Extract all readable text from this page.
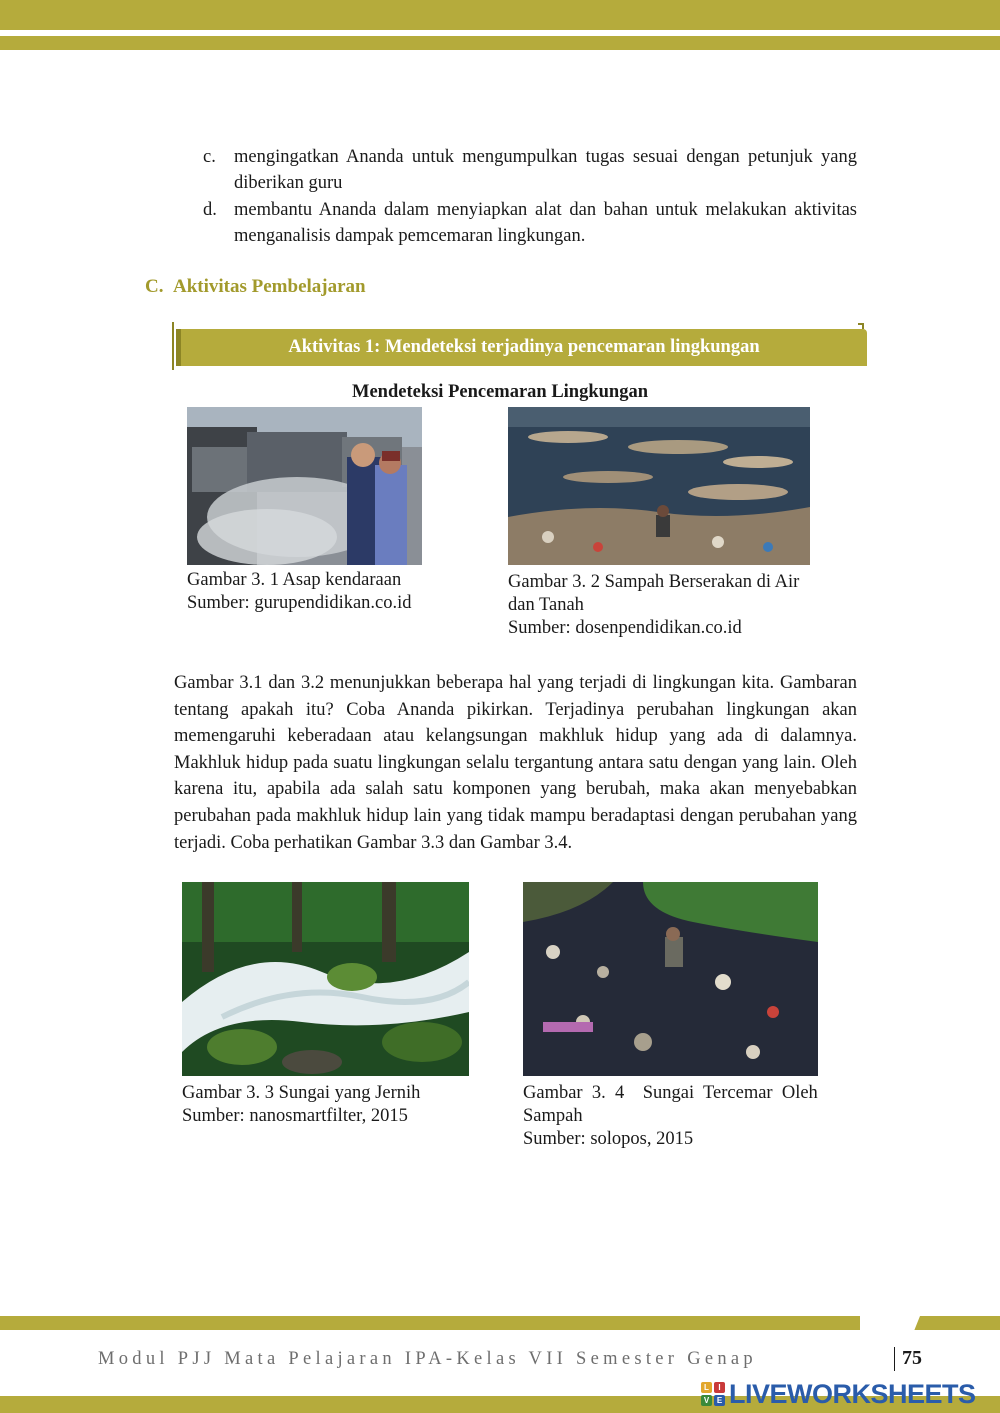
c. mengingatkan Ananda untuk mengumpulkan tugas sesuai dengan petunjuk yang diberikan guru
d. membantu Ananda dalam menyiapkan alat dan bahan untuk melakukan aktivitas menganalisis dampak pemcemaran lingkungan.
C. Aktivitas Pembelajaran
Aktivitas 1: Mendeteksi terjadinya pencemaran lingkungan
Mendeteksi Pencemaran Lingkungan
Gambar 3. 1 Asap kendaraan
Sumber: gurupendidikan.co.id
Gambar 3. 2 Sampah Berserakan di Air
dan Tanah
Sumber: dosenpendidikan.co.id
Gambar 3.1 dan 3.2 menunjukkan beberapa hal yang terjadi di lingkungan kita. Gambaran tentang apakah itu? Coba Ananda pikirkan. Terjadinya perubahan lingkungan akan memengaruhi keberadaan atau kelangsungan makhluk hidup yang ada di dalamnya. Makhluk hidup pada suatu lingkungan selalu tergantung antara satu dengan yang lain. Oleh karena itu, apabila ada salah satu komponen yang berubah, maka akan menyebabkan perubahan pada makhluk hidup lain yang tidak mampu beradaptasi dengan perubahan yang terjadi. Coba perhatikan Gambar 3.3 dan Gambar 3.4.
Gambar 3. 3 Sungai yang Jernih
Sumber: nanosmartfilter, 2015
Gambar  3.  4    Sungai  Tercemar  Oleh
Sampah
Sumber: solopos, 2015
Modul PJJ Mata Pelajaran IPA-Kelas VII Semester Genap	75
L	I
V E LIVEWORKSHEETS
